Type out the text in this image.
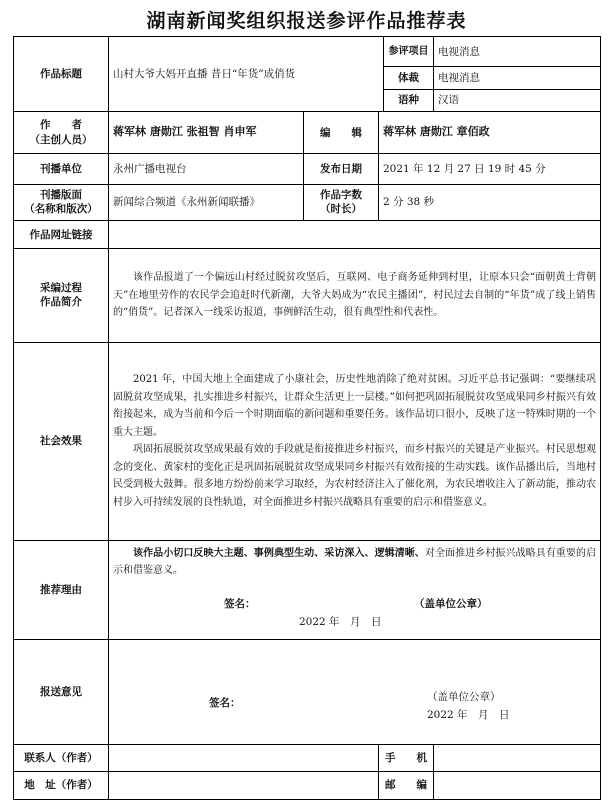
湖南新闻奖组织报送参评作品推荐表
作品标题	山村大爷大妈开直播 昔日“年货”成俏货			参评项目	电视消息
				体裁	电视消息
				语种	汉语

作　　者
（主创人员）	蒋军林 唐勋江 张祖智 肖申军	编　　辑	蒋军林 唐勋江 章佰政		
刊播单位	永州广播电视台	发布日期	2021 年 12 月 27 日 19 时 45 分		

刊播版面
（名称和版次）	新闻综合频道《永州新闻联播》	作品字数
（时长）	2 分 38 秒		
作品网址链接					

采编过程
作品简介	该作品报道了一个偏远山村经过脱贫攻坚后，互联网、电子商务延伸到村里，让原本只会“面朝黄土背朝天”在地里劳作的农民学会追赶时代新潮，大爷大妈成为“农民主播团”，村民过去自制的“年货”成了线上销售的“俏货”。记者深入一线采访报道，事例鲜活生动，很有典型性和代表性。				

社会效果	2021 年，中国大地上全面建成了小康社会，历史性地消除了绝对贫困。习近平总书记强调：“要继续巩固脱贫攻坚成果，扎实推进乡村振兴，让群众生活更上一层楼。”如何把巩固拓展脱贫攻坚成果同乡村振兴有效衔接起来，成为当前和今后一个时期面临的新问题和重要任务。该作品切口很小，反映了这一特殊时期的一个重大主题。

巩固拓展脱贫攻坚成果最有效的手段就是衔接推进乡村振兴，而乡村振兴的关键是产业振兴。村民思想观念的变化、黄家村的变化正是巩固拓展脱贫攻坚成果同乡村振兴有效衔接的生动实践。该作品播出后，当地村民受到极大鼓舞。很多地方纷纷前来学习取经，为农村经济注入了催化剂，为农民增收注入了新动能，推动农村步入可持续发展的良性轨道，对全面推进乡村振兴战略具有重要的启示和借鉴意义。				

推荐理由	该作品小切口反映大主题、事例典型生动、采访深入、逻辑清晰、对全面推进乡村振兴战略具有重要的启示和借鉴意义。

签名： （盖单位公章）
2022 年　月　日				

报送意见	签名： （盖单位公章）
2022 年　月　日				

联系人（作者）			手　　机		
地　址（作者）			邮　　编		
